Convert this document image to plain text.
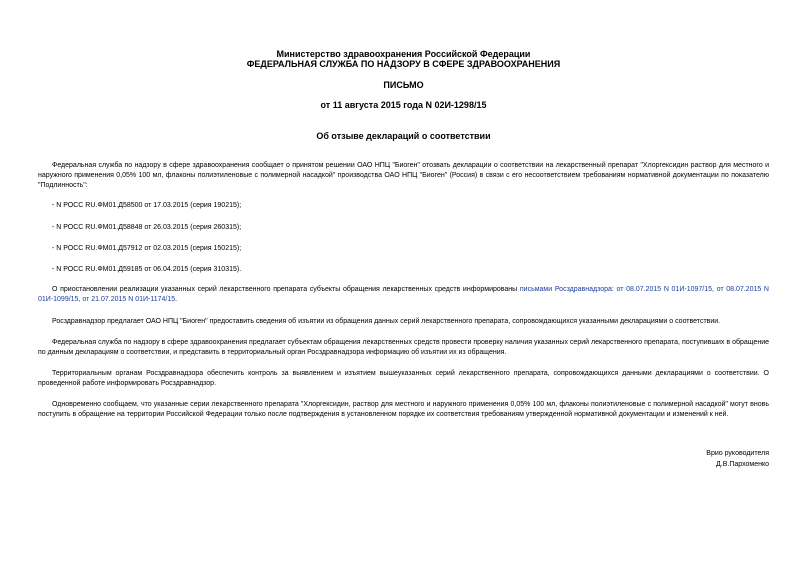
Министерство здравоохранения Российской Федерации
ФЕДЕРАЛЬНАЯ СЛУЖБА ПО НАДЗОРУ В СФЕРЕ ЗДРАВООХРАНЕНИЯ
ПИСЬМО
от 11 августа 2015 года N 02И-1298/15
Об отзыве деклараций о соответствии

Федеральная служба по надзору в сфере здравоохранения сообщает о принятом решении ОАО НПЦ "Биоген" отозвать декларации о соответствии на лекарственный препарат "Хлоргексидин раствор для местного и наружного применения 0,05% 100 мл, флаконы полиэтиленовые с полимерной насадкой" производства ОАО НПЦ "Биоген" (Россия) в связи с его несоответствием требованиям нормативной документации по показателю "Подлинность":

- N РОСС RU.ФМ01.Д58500 от 17.03.2015 (серия 190215);

- N РОСС RU.ФМ01.Д58848 от 26.03.2015 (серия 260315);

- N РОСС RU.ФМ01.Д57912 от 02.03.2015 (серия 150215);

- N РОСС RU.ФМ01.Д59185 от 06.04.2015 (серия 310315).

О приостановлении реализации указанных серий лекарственного препарата субъекты обращения лекарственных средств информированы письмами Росздравнадзора: от 08.07.2015 N 01И-1097/15, от 08.07.2015 N 01И-1099/15, от 21.07.2015 N 01И-1174/15.

Росздравнадзор предлагает ОАО НПЦ "Биоген" предоставить сведения об изъятии из обращения данных серий лекарственного препарата, сопровождающихся указанными декларациями о соответствии.

Федеральная служба по надзору в сфере здравоохранения предлагает субъектам обращения лекарственных средств провести проверку наличия указанных серий лекарственного препарата, поступивших в обращение по данным декларациям о соответствии, и представить в территориальный орган Росздравнадзора информацию об изъятии их из обращения.

Территориальным органам Росздравнадзора обеспечить контроль за выявлением и изъятием вышеуказанных серий лекарственного препарата, сопровождающихся данными декларациями о соответствии. О проведенной работе информировать Росздравнадзор.

Одновременно сообщаем, что указанные серии лекарственного препарата "Хлоргексидин, раствор для местного и наружного применения 0,05% 100 мл, флаконы полиэтиленовые с полимерной насадкой" могут вновь поступить в обращение на территории Российской Федерации только после подтверждения в установленном порядке их соответствия требованиям утвержденной нормативной документации и изменений к ней.

Врио руководителя
Д.В.Пархоменко
